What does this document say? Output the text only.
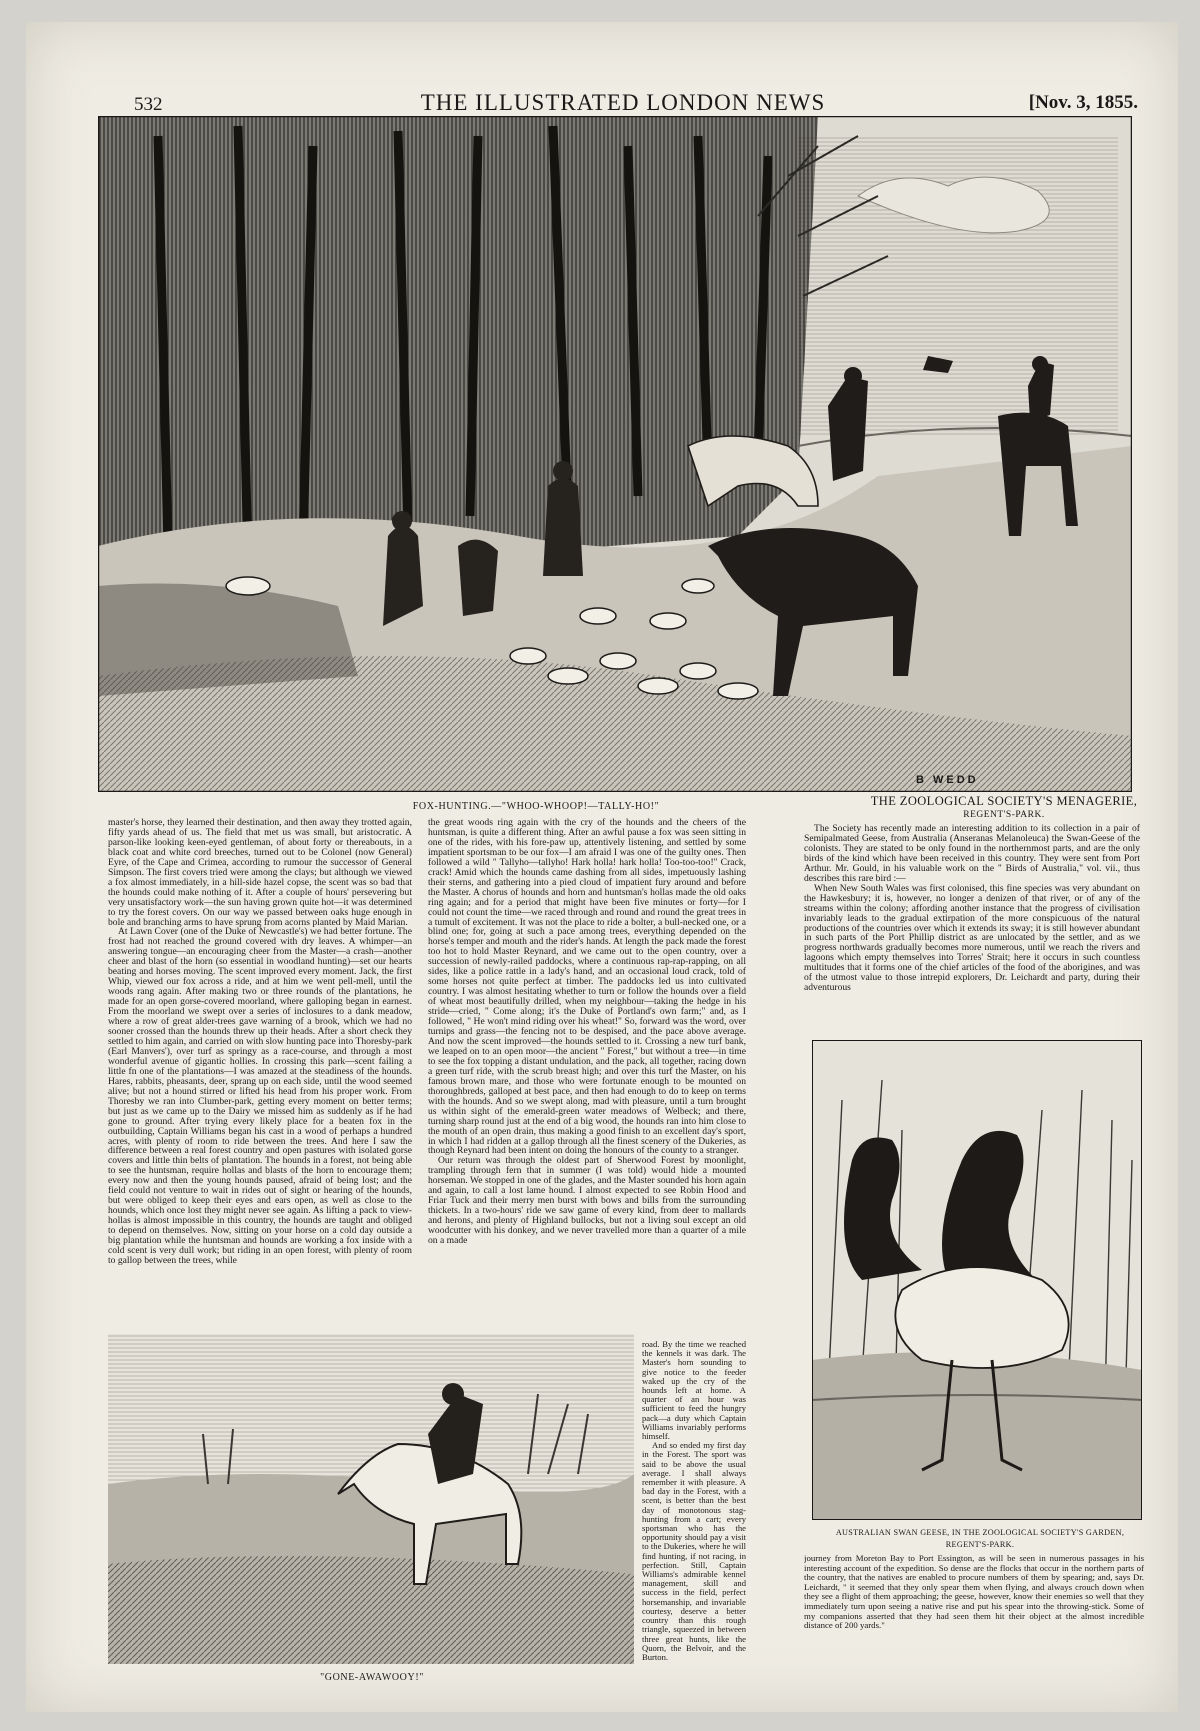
532	THE ILLUSTRATED LONDON NEWS	[Nov. 3, 1855.
B WEDD
FOX-HUNTING.—"WHOO-WHOOP!—TALLY-HO!"

master's horse, they learned their destination, and then away they trotted again, fifty yards ahead of us. The field that met us was small, but aristocratic. A parson-like looking keen-eyed gentleman, of about forty or thereabouts, in a black coat and white cord breeches, turned out to be Colonel (now General) Eyre, of the Cape and Crimea, according to rumour the successor of General Simpson. The first covers tried were among the clays; but although we viewed a fox almost immediately, in a hill-side hazel copse, the scent was so bad that the hounds could make nothing of it. After a couple of hours' persevering but very unsatisfactory work—the sun having grown quite hot—it was determined to try the forest covers. On our way we passed between oaks huge enough in bole and branching arms to have sprung from acorns planted by Maid Marian.

At Lawn Cover (one of the Duke of Newcastle's) we had better fortune. The frost had not reached the ground covered with dry leaves. A whimper—an answering tongue—an encouraging cheer from the Master—a crash—another cheer and blast of the horn (so essential in woodland hunting)—set our hearts beating and horses moving. The scent improved every moment. Jack, the first Whip, viewed our fox across a ride, and at him we went pell-mell, until the woods rang again. After making two or three rounds of the plantations, he made for an open gorse-covered moorland, where galloping began in earnest. From the moorland we swept over a series of inclosures to a dank meadow, where a row of great alder-trees gave warning of a brook, which we had no sooner crossed than the hounds threw up their heads. After a short check they settled to him again, and carried on with slow hunting pace into Thoresby-park (Earl Manvers'), over turf as springy as a race-course, and through a most wonderful avenue of gigantic hollies. In crossing this park—scent failing a little fn one of the plantations—I was amazed at the steadiness of the hounds. Hares, rabbits, pheasants, deer, sprang up on each side, until the wood seemed alive; but not a hound stirred or lifted his head from his proper work. From Thoresby we ran into Clumber-park, getting every moment on better terms; but just as we came up to the Dairy we missed him as suddenly as if he had gone to ground. After trying every likely place for a beaten fox in the outbuilding, Captain Williams began his cast in a wood of perhaps a hundred acres, with plenty of room to ride between the trees. And here I saw the difference between a real forest country and open pastures with isolated gorse covers and little thin belts of plantation. The hounds in a forest, not being able to see the huntsman, require hollas and blasts of the horn to encourage them; every now and then the young hounds paused, afraid of being lost; and the field could not venture to wait in rides out of sight or hearing of the hounds, but were obliged to keep their eyes and ears open, as well as close to the hounds, which once lost they might never see again. As lifting a pack to view-hollas is almost impossible in this country, the hounds are taught and obliged to depend on themselves. Now, sitting on your horse on a cold day outside a big plantation while the huntsman and hounds are working a fox inside with a cold scent is very dull work; but riding in an open forest, with plenty of room to gallop between the trees, while

the great woods ring again with the cry of the hounds and the cheers of the huntsman, is quite a different thing. After an awful pause a fox was seen sitting in one of the rides, with his fore-paw up, attentively listening, and settled by some impatient sportsman to be our fox—I am afraid I was one of the guilty ones. Then followed a wild " Tallyho—tallyho! Hark holla! hark holla! Too-too-too!" Crack, crack! Amid which the hounds came dashing from all sides, impetuously lashing their sterns, and gathering into a pied cloud of impatient fury around and before the Master. A chorus of hounds and horn and huntsman's hollas made the old oaks ring again; and for a period that might have been five minutes or forty—for I could not count the time—we raced through and round and round the great trees in a tumult of excitement. It was not the place to ride a bolter, a bull-necked one, or a blind one; for, going at such a pace among trees, everything depended on the horse's temper and mouth and the rider's hands. At length the pack made the forest too hot to hold Master Reynard, and we came out to the open country, over a succession of newly-railed paddocks, where a continuous rap-rap-rapping, on all sides, like a police rattle in a lady's hand, and an occasional loud crack, told of some horses not quite perfect at timber. The paddocks led us into cultivated country. I was almost hesitating whether to turn or follow the hounds over a field of wheat most beautifully drilled, when my neighbour—taking the hedge in his stride—cried, " Come along; it's the Duke of Portland's own farm;" and, as I followed, " He won't mind riding over his wheat!" So, forward was the word, over turnips and grass—the fencing not to be despised, and the pace above average. And now the scent improved—the hounds settled to it. Crossing a new turf bank, we leaped on to an open moor—the ancient " Forest," but without a tree—in time to see the fox topping a distant undulation, and the pack, all together, racing down a green turf ride, with the scrub breast high; and over this turf the Master, on his famous brown mare, and those who were fortunate enough to be mounted on thoroughbreds, galloped at best pace, and then had enough to do to keep on terms with the hounds. And so we swept along, mad with pleasure, until a turn brought us within sight of the emerald-green water meadows of Welbeck; and there, turning sharp round just at the end of a big wood, the hounds ran into him close to the mouth of an open drain, thus making a good finish to an excellent day's sport, in which I had ridden at a gallop through all the finest scenery of the Dukeries, as though Reynard had been intent on doing the honours of the county to a stranger.

Our return was through the oldest part of Sherwood Forest by moonlight, trampling through fern that in summer (I was told) would hide a mounted horseman. We stopped in one of the glades, and the Master sounded his horn again and again, to call a lost lame hound. I almost expected to see Robin Hood and Friar Tuck and their merry men burst with bows and bills from the surrounding thickets. In a two-hours' ride we saw game of every kind, from deer to mallards and herons, and plenty of Highland bullocks, but not a living soul except an old woodcutter with his donkey, and we never travelled more than a quarter of a mile on a made

road. By the time we reached the kennels it was dark. The Master's horn sounding to give notice to the feeder waked up the cry of the hounds left at home. A quarter of an hour was sufficient to feed the hungry pack—a duty which Captain Williams invariably performs himself.

And so ended my first day in the Forest. The sport was said to be above the usual average. I shall always remember it with pleasure. A bad day in the Forest, with a scent, is better than the best day of monotonous stag-hunting from a cart; every sportsman who has the opportunity should pay a visit to the Dukeries, where he will find hunting, if not racing, in perfection. Still, Captain Williams's admirable kennel management, skill and success in the field, perfect horsemanship, and invariable courtesy, deserve a better country than this rough triangle, squeezed in between three great hunts, like the Quorn, the Belvoir, and the Burton.

"GONE-AWAWOOY!"
THE ZOOLOGICAL SOCIETY'S MENAGERIE,
REGENT'S-PARK.

The Society has recently made an interesting addition to its collection in a pair of Semipalmated Geese, from Australia (Anseranas Melanoleuca) the Swan-Geese of the colonists. They are stated to be only found in the northernmost parts, and are the only birds of the kind which have been received in this country. They were sent from Port Arthur. Mr. Gould, in his valuable work on the " Birds of Australia," vol. vii., thus describes this rare bird :—

When New South Wales was first colonised, this fine species was very abundant on the Hawkesbury; it is, however, no longer a denizen of that river, or of any of the streams within the colony; affording another instance that the progress of civilisation invariably leads to the gradual extirpation of the more conspicuous of the natural productions of the countries over which it extends its sway; it is still however abundant in such parts of the Port Phillip district as are unlocated by the settler, and as we progress northwards gradually becomes more numerous, until we reach the rivers and lagoons which empty themselves into Torres' Strait; here it occurs in such countless multitudes that it forms one of the chief articles of the food of the aborigines, and was of the utmost value to those intrepid explorers, Dr. Leichardt and party, during their adventurous

AUSTRALIAN SWAN GEESE, IN THE ZOOLOGICAL SOCIETY'S GARDEN,
REGENT'S-PARK.

journey from Moreton Bay to Port Essington, as will be seen in numerous passages in his interesting account of the expedition. So dense are the flocks that occur in the northern parts of the country, that the natives are enabled to procure numbers of them by spearing; and, says Dr. Leichardt, " it seemed that they only spear them when flying, and always crouch down when they see a flight of them approaching; the geese, however, know their enemies so well that they immediately turn upon seeing a native rise and put his spear into the throwing-stick. Some of my companions asserted that they had seen them hit their object at the almost incredible distance of 200 yards."
